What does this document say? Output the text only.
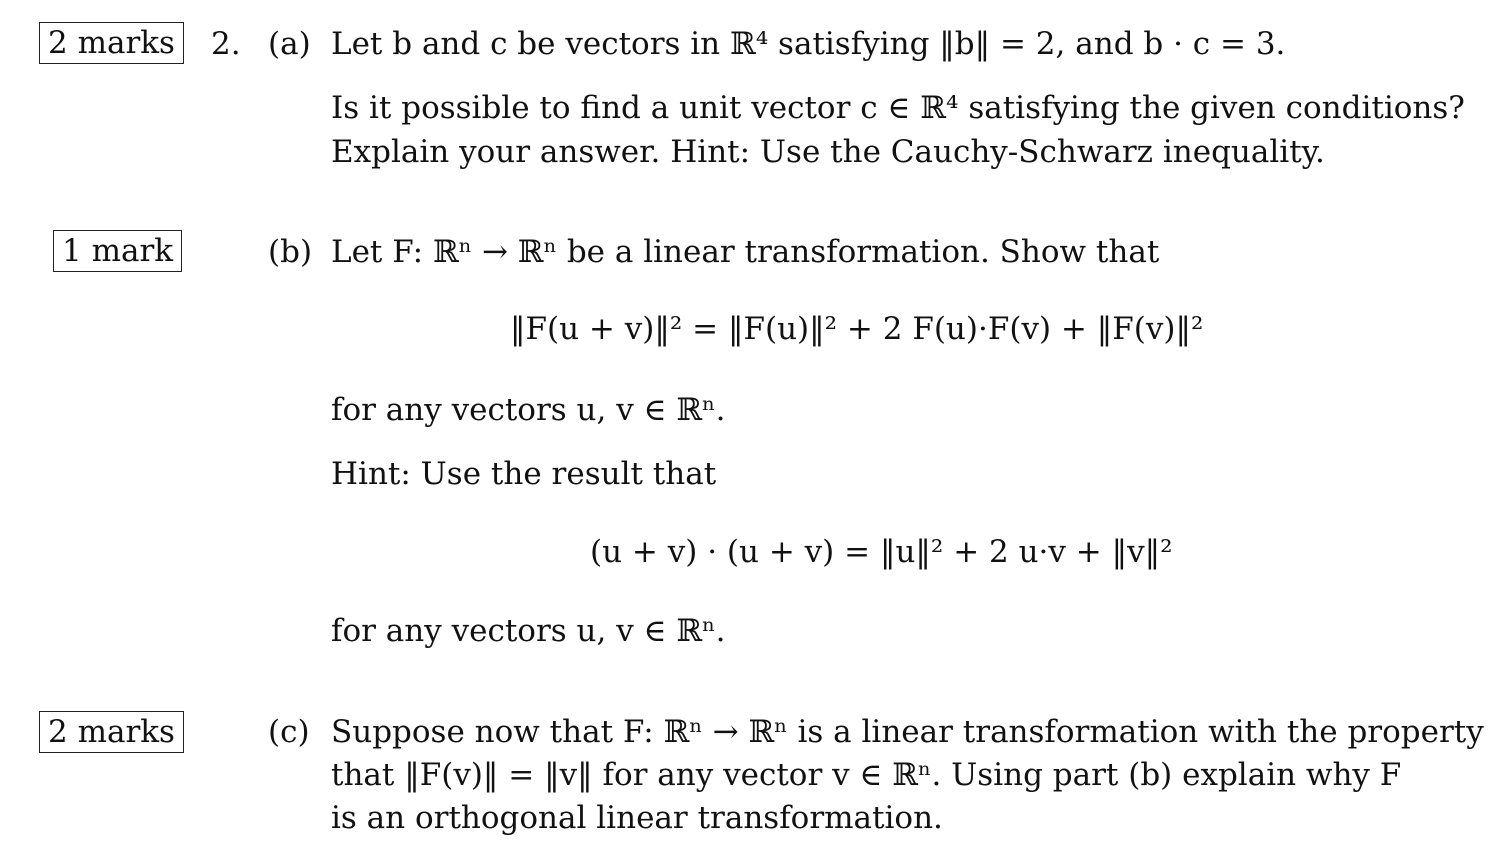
2 marks
1 mark
2 marks
2. (a) Let b and c be vectors in ℝ⁴ satisfying ‖b‖ = 2, and b · c = 3.
Is it possible to find a unit vector c ∈ ℝ⁴ satisfying the given conditions?
Explain your answer. Hint: Use the Cauchy-Schwarz inequality.
(b) Let F: ℝⁿ → ℝⁿ be a linear transformation. Show that
‖F(u + v)‖² = ‖F(u)‖² + 2 F(u)·F(v) + ‖F(v)‖²
for any vectors u, v ∈ ℝⁿ.
Hint: Use the result that
(u + v) · (u + v) = ‖u‖² + 2 u·v + ‖v‖²
for any vectors u, v ∈ ℝⁿ.
(c) Suppose now that F: ℝⁿ → ℝⁿ is a linear transformation with the property
that ‖F(v)‖ = ‖v‖ for any vector v ∈ ℝⁿ. Using part (b) explain why F
is an orthogonal linear transformation.
